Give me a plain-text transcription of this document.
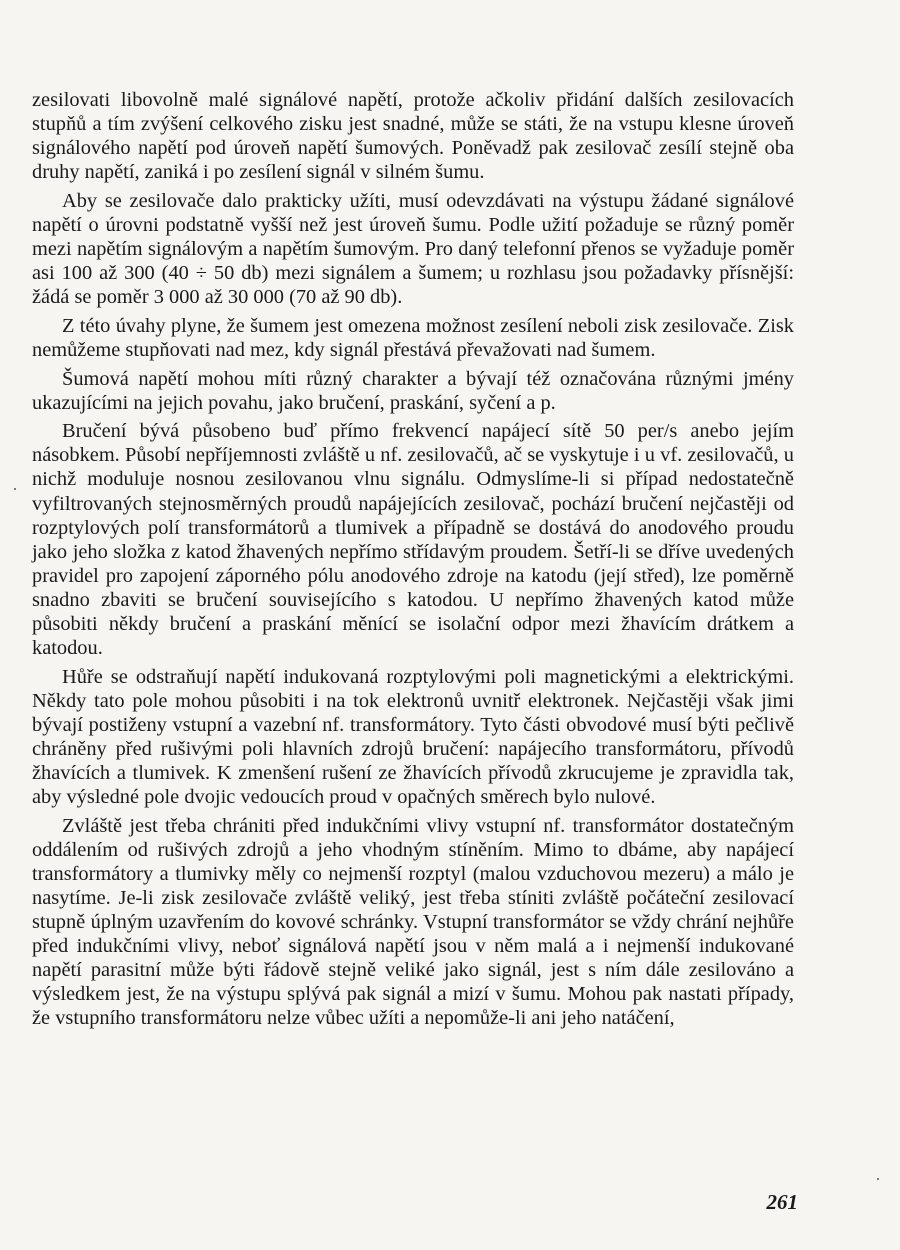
zesilovati libovolně malé signálové napětí, protože ačkoliv přidání dalších zesilovacích stupňů a tím zvýšení celkového zisku jest snadné, může se státi, že na vstupu klesne úroveň signálového napětí pod úroveň napětí šumových. Poněvadž pak zesilovač zesílí stejně oba druhy napětí, zaniká i po zesílení signál v silném šumu.

Aby se zesilovače dalo prakticky užíti, musí odevzdávati na výstupu žádané signálové napětí o úrovni podstatně vyšší než jest úroveň šumu. Podle užití požaduje se různý poměr mezi napětím signálovým a napětím šumovým. Pro daný telefonní přenos se vyžaduje poměr asi 100 až 300 (40 ÷ 50 db) mezi signálem a šumem; u rozhlasu jsou požadavky přísnější: žádá se poměr 3 000 až 30 000 (70 až 90 db).

Z této úvahy plyne, že šumem jest omezena možnost zesílení neboli zisk zesilovače. Zisk nemůžeme stupňovati nad mez, kdy signál přestává převažovati nad šumem.

Šumová napětí mohou míti různý charakter a bývají též označována různými jmény ukazujícími na jejich povahu, jako bručení, praskání, syčení a p.

Bručení bývá působeno buď přímo frekvencí napájecí sítě 50 per/s anebo jejím násobkem. Působí nepříjemnosti zvláště u nf. zesilovačů, ač se vyskytuje i u vf. zesilovačů, u nichž moduluje nosnou zesilovanou vlnu signálu. Odmyslíme-li si případ nedostatečně vyfiltrovaných stejnosměrných proudů napájejících zesilovač, pochází bručení nejčastěji od rozptylových polí transformátorů a tlumivek a případně se dostává do anodového proudu jako jeho složka z katod žhavených nepřímo střídavým proudem. Šetří-li se dříve uvedených pravidel pro zapojení záporného pólu anodového zdroje na katodu (její střed), lze poměrně snadno zbaviti se bručení souvisejícího s katodou. U nepřímo žhavených katod může působiti někdy bručení a praskání měnící se isolační odpor mezi žhavícím drátkem a katodou.

Hůře se odstraňují napětí indukovaná rozptylovými poli magnetickými a elektrickými. Někdy tato pole mohou působiti i na tok elektronů uvnitř elektronek. Nejčastěji však jimi bývají postiženy vstupní a vazební nf. transformátory. Tyto části obvodové musí býti pečlivě chráněny před rušivými poli hlavních zdrojů bručení: napájecího transformátoru, přívodů žhavících a tlumivek. K zmenšení rušení ze žhavících přívodů zkrucujeme je zpravidla tak, aby výsledné pole dvojic vedoucích proud v opačných směrech bylo nulové.

Zvláště jest třeba chrániti před indukčními vlivy vstupní nf. transformátor dostatečným oddálením od rušivých zdrojů a jeho vhodným stíněním. Mimo to dbáme, aby napájecí transformátory a tlumivky měly co nejmenší rozptyl (malou vzduchovou mezeru) a málo je nasytíme. Je-li zisk zesilovače zvláště veliký, jest třeba stíniti zvláště počáteční zesilovací stupně úplným uzavřením do kovové schránky. Vstupní transformátor se vždy chrání nejhůře před indukčními vlivy, neboť signálová napětí jsou v něm malá a i nejmenší indukované napětí parasitní může býti řádově stejně veliké jako signál, jest s ním dále zesilováno a výsledkem jest, že na výstupu splývá pak signál a mizí v šumu. Mohou pak nastati případy, že vstupního transformátoru nelze vůbec užíti a nepomůže-li ani jeho natáčení,

261
